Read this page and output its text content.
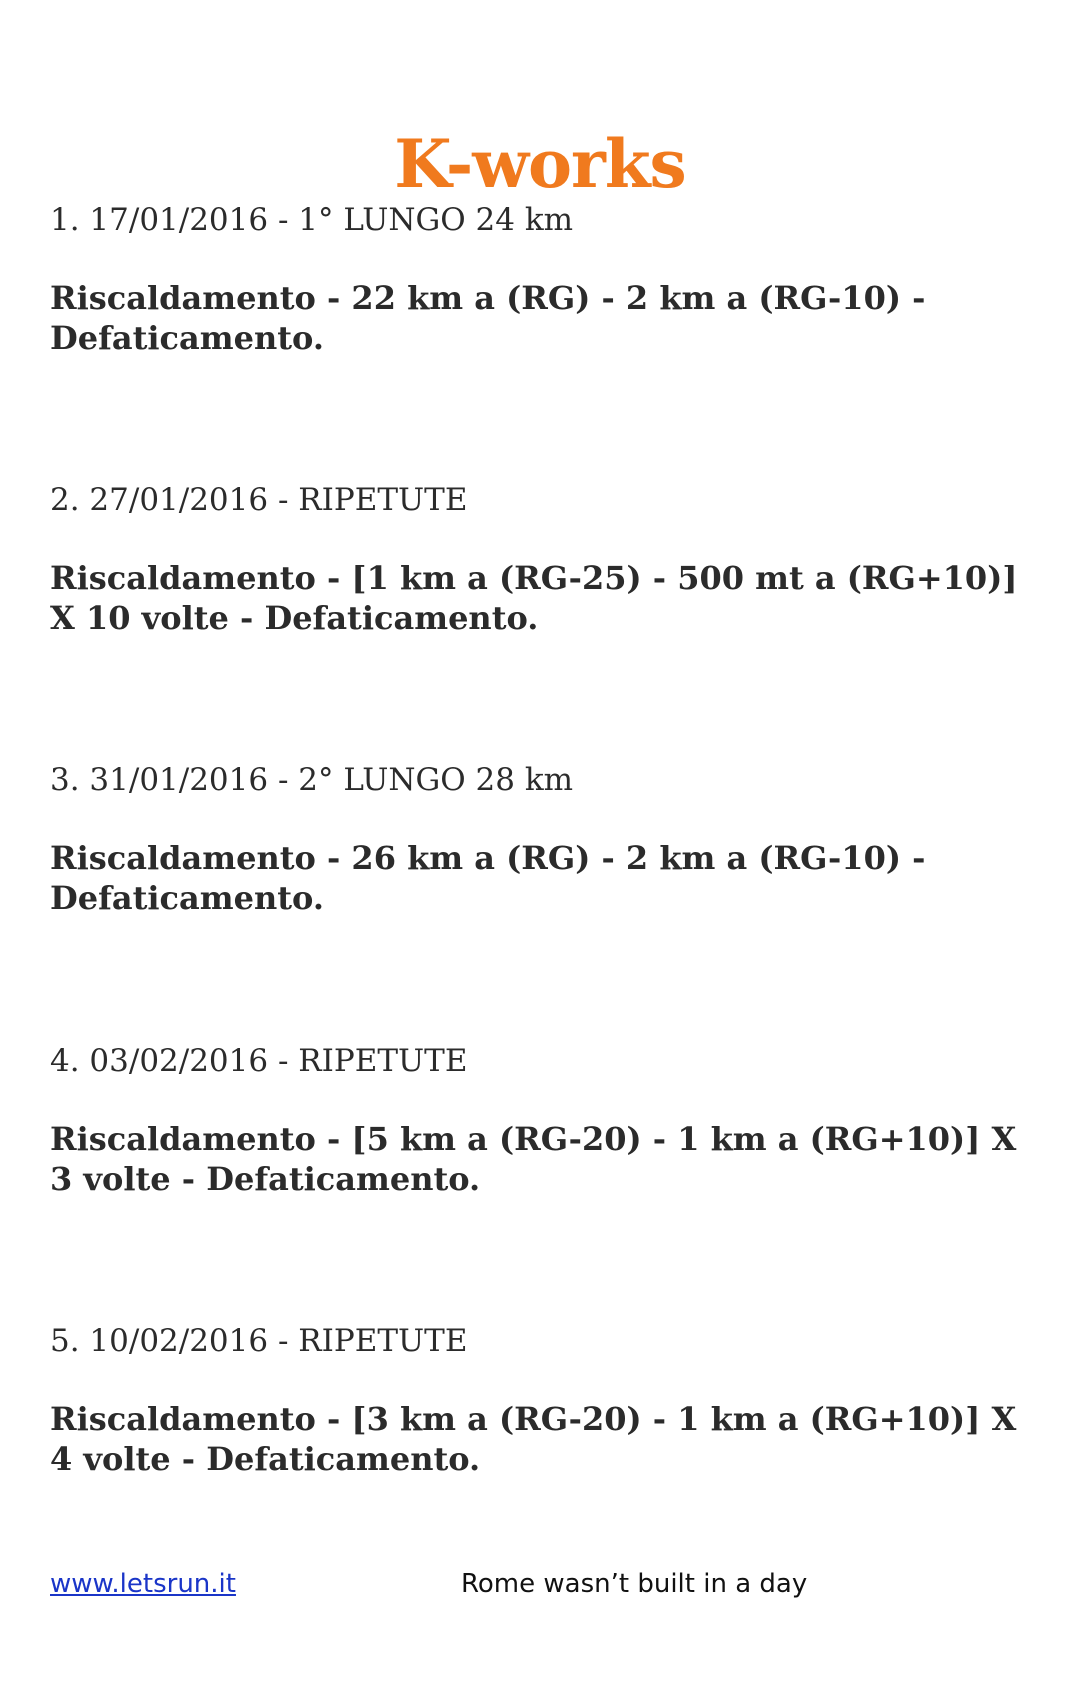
K-works
1. 17/01/2016 - 1° LUNGO 24 km
Riscaldamento - 22 km a (RG) - 2 km a (RG-10) - Defaticamento.
2. 27/01/2016 - RIPETUTE
Riscaldamento - [1 km a (RG-25) - 500 mt a (RG+10)] X 10 volte - Defaticamento.
3. 31/01/2016 - 2° LUNGO 28 km
Riscaldamento - 26 km a (RG) - 2 km a (RG-10) - Defaticamento.
4. 03/02/2016 - RIPETUTE
Riscaldamento - [5 km a (RG-20) - 1 km a (RG+10)] X 3 volte - Defaticamento.
5. 10/02/2016 - RIPETUTE
Riscaldamento - [3 km a (RG-20) - 1 km a (RG+10)] X 4 volte - Defaticamento.
www.letsrun.it	Rome wasn’t built in a day
